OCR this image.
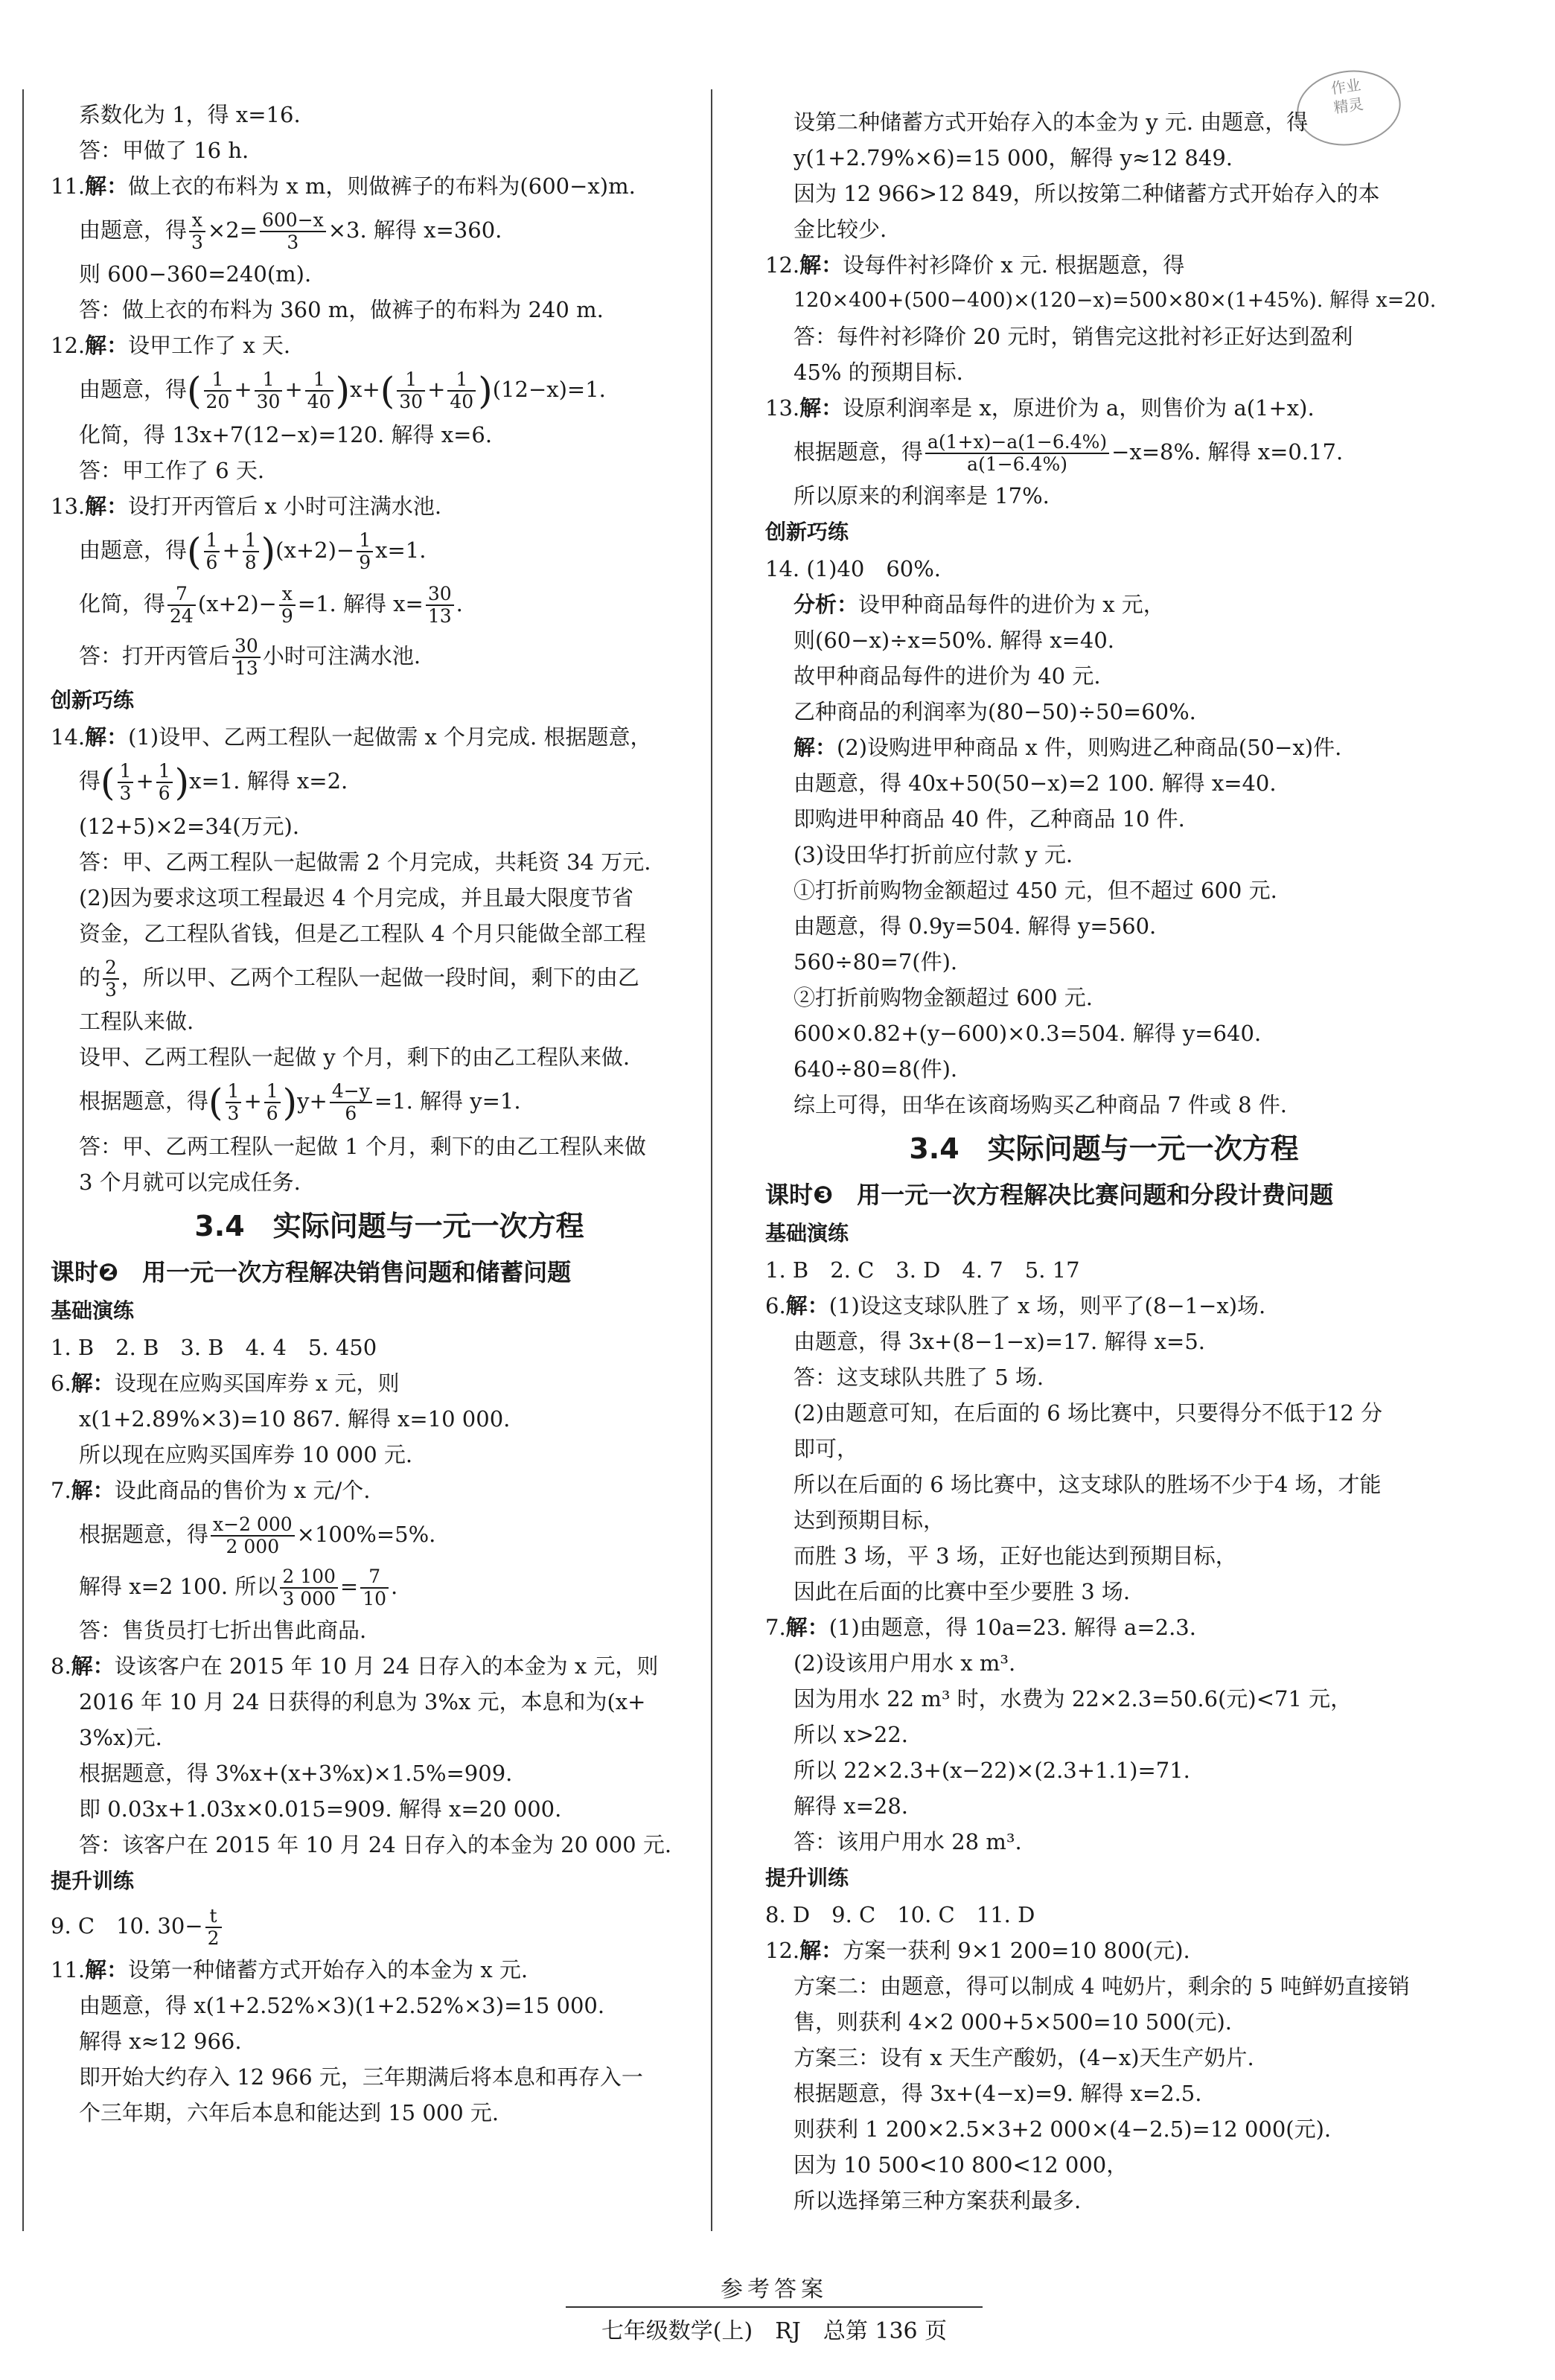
作业
精灵
系数化为 1，得 x=16.
答：甲做了 16 h.
11.解：做上衣的布料为 x m，则做裤子的布料为(600−x)m.
由题意，得 $\frac{x}{3} \times 2= \frac{600-x}{3} \times 3$. 解得 x=360.
则 600−360=240(m).
答：做上衣的布料为 360 m，做裤子的布料为 240 m.
12.解：设甲工作了 x 天.
由题意，得( $\frac{1}{20} + \frac{1}{30} + \frac{1}{40} )x+( \frac{1}{30} + \frac{1}{40} )(12-x)=1$.
化简，得 13x+7(12−x)=120. 解得 x=6.
答：甲工作了 6 天.
13.解：设打开丙管后 x 小时可注满水池.
由题意，得( $\frac{1}{6} + \frac{1}{8} )(x+2)- \frac{1}{9} x=1$.
化简，得 $\frac{7}{24} (x+2)- \frac{x}{9} =1$. 解得 $x= \frac{30}{13}$ .
答：打开丙管后 $\frac{30}{13}$ 小时可注满水池.
创新巧练
14.解：(1)设甲、乙两工程队一起做需 x 个月完成. 根据题意，
得( $\frac{1}{3} + \frac{1}{6} )x=1$. 解得 x=2.
(12+5)×2=34(万元).
答：甲、乙两工程队一起做需 2 个月完成，共耗资 34 万元.
(2)因为要求这项工程最迟 4 个月完成，并且最大限度节省
资金，乙工程队省钱，但是乙工程队 4 个月只能做全部工程
的 $\frac{2}{3}$ ，所以甲、乙两个工程队一起做一段时间，剩下的由乙
工程队来做.
设甲、乙两工程队一起做 y 个月，剩下的由乙工程队来做.
根据题意，得( $\frac{1}{3} + \frac{1}{6} )y+ \frac{4-y}{6} =1$. 解得 y=1.
答：甲、乙两工程队一起做 1 个月，剩下的由乙工程队来做
3 个月就可以完成任务.
3.4　实际问题与一元一次方程
课时❷　用一元一次方程解决销售问题和储蓄问题
基础演练
1. B　2. B　3. B　4. 4　5. 450
6.解：设现在应购买国库券 x 元，则
x(1+2.89%×3)=10 867. 解得 x=10 000.
所以现在应购买国库券 10 000 元.
7.解：设此商品的售价为 x 元/个.
根据题意，得 $\frac{x-2 000}{2 000} \times 100\%=5\%$.
解得 x=2 100. 所以 $\frac{2 100}{3 000} = \frac{7}{10}$ .
答：售货员打七折出售此商品.
8.解：设该客户在 2015 年 10 月 24 日存入的本金为 x 元，则
2016 年 10 月 24 日获得的利息为 3%x 元，本息和为(x+
3%x)元.
根据题意，得 3%x+(x+3%x)×1.5%=909.
即 0.03x+1.03x×0.015=909. 解得 x=20 000.
答：该客户在 2015 年 10 月 24 日存入的本金为 20 000 元.
提升训练
9. C　10. $30- \frac{t}{2}$
11.解：设第一种储蓄方式开始存入的本金为 x 元.
由题意，得 x(1+2.52%×3)(1+2.52%×3)=15 000.
解得 x≈12 966.
即开始大约存入 12 966 元，三年期满后将本息和再存入一
个三年期，六年后本息和能达到 15 000 元.
设第二种储蓄方式开始存入的本金为 y 元. 由题意，得
y(1+2.79%×6)=15 000，解得 y≈12 849.
因为 12 966>12 849，所以按第二种储蓄方式开始存入的本
金比较少.
12.解：设每件衬衫降价 x 元. 根据题意，得
120×400+(500−400)×(120−x)=500×80×(1+45%). 解得 x=20.
答：每件衬衫降价 20 元时，销售完这批衬衫正好达到盈利
45% 的预期目标.
13.解：设原利润率是 x，原进价为 a，则售价为 a(1+x).
根据题意，得 $\frac{a(1+x)-a(1-6.4\%)}{a(1-6.4\%)} -x=8\%$. 解得 x=0.17.
所以原来的利润率是 17%.
创新巧练
14. (1)40　60%.
分析：设甲种商品每件的进价为 x 元，
则(60−x)÷x=50%. 解得 x=40.
故甲种商品每件的进价为 40 元.
乙种商品的利润率为(80−50)÷50=60%.
解：(2)设购进甲种商品 x 件，则购进乙种商品(50−x)件.
由题意，得 40x+50(50−x)=2 100. 解得 x=40.
即购进甲种商品 40 件，乙种商品 10 件.
(3)设田华打折前应付款 y 元.
①打折前购物金额超过 450 元，但不超过 600 元.
由题意，得 0.9y=504. 解得 y=560.
560÷80=7(件).
②打折前购物金额超过 600 元.
600×0.82+(y−600)×0.3=504. 解得 y=640.
640÷80=8(件).
综上可得，田华在该商场购买乙种商品 7 件或 8 件.
3.4　实际问题与一元一次方程
课时❸　用一元一次方程解决比赛问题和分段计费问题
基础演练
1. B　2. C　3. D　4. 7　5. 17
6.解：(1)设这支球队胜了 x 场，则平了(8−1−x)场.
由题意，得 3x+(8−1−x)=17. 解得 x=5.
答：这支球队共胜了 5 场.
(2)由题意可知，在后面的 6 场比赛中，只要得分不低于12 分
即可，
所以在后面的 6 场比赛中，这支球队的胜场不少于4 场，才能
达到预期目标，
而胜 3 场，平 3 场，正好也能达到预期目标，
因此在后面的比赛中至少要胜 3 场.
7.解：(1)由题意，得 10a=23. 解得 a=2.3.
(2)设该用户用水 x m³.
因为用水 22 m³ 时，水费为 22×2.3=50.6(元)<71 元，
所以 x>22.
所以 22×2.3+(x−22)×(2.3+1.1)=71.
解得 x=28.
答：该用户用水 28 m³.
提升训练
8. D　9. C　10. C　11. D
12.解：方案一获利 9×1 200=10 800(元).
方案二：由题意，得可以制成 4 吨奶片，剩余的 5 吨鲜奶直接销
售，则获利 4×2 000+5×500=10 500(元).
方案三：设有 x 天生产酸奶，(4−x)天生产奶片.
根据题意，得 3x+(4−x)=9. 解得 x=2.5.
则获利 1 200×2.5×3+2 000×(4−2.5)=12 000(元).
因为 10 500<10 800<12 000，
所以选择第三种方案获利最多.
参考答案
七年级数学(上)　RJ　总第 136 页
